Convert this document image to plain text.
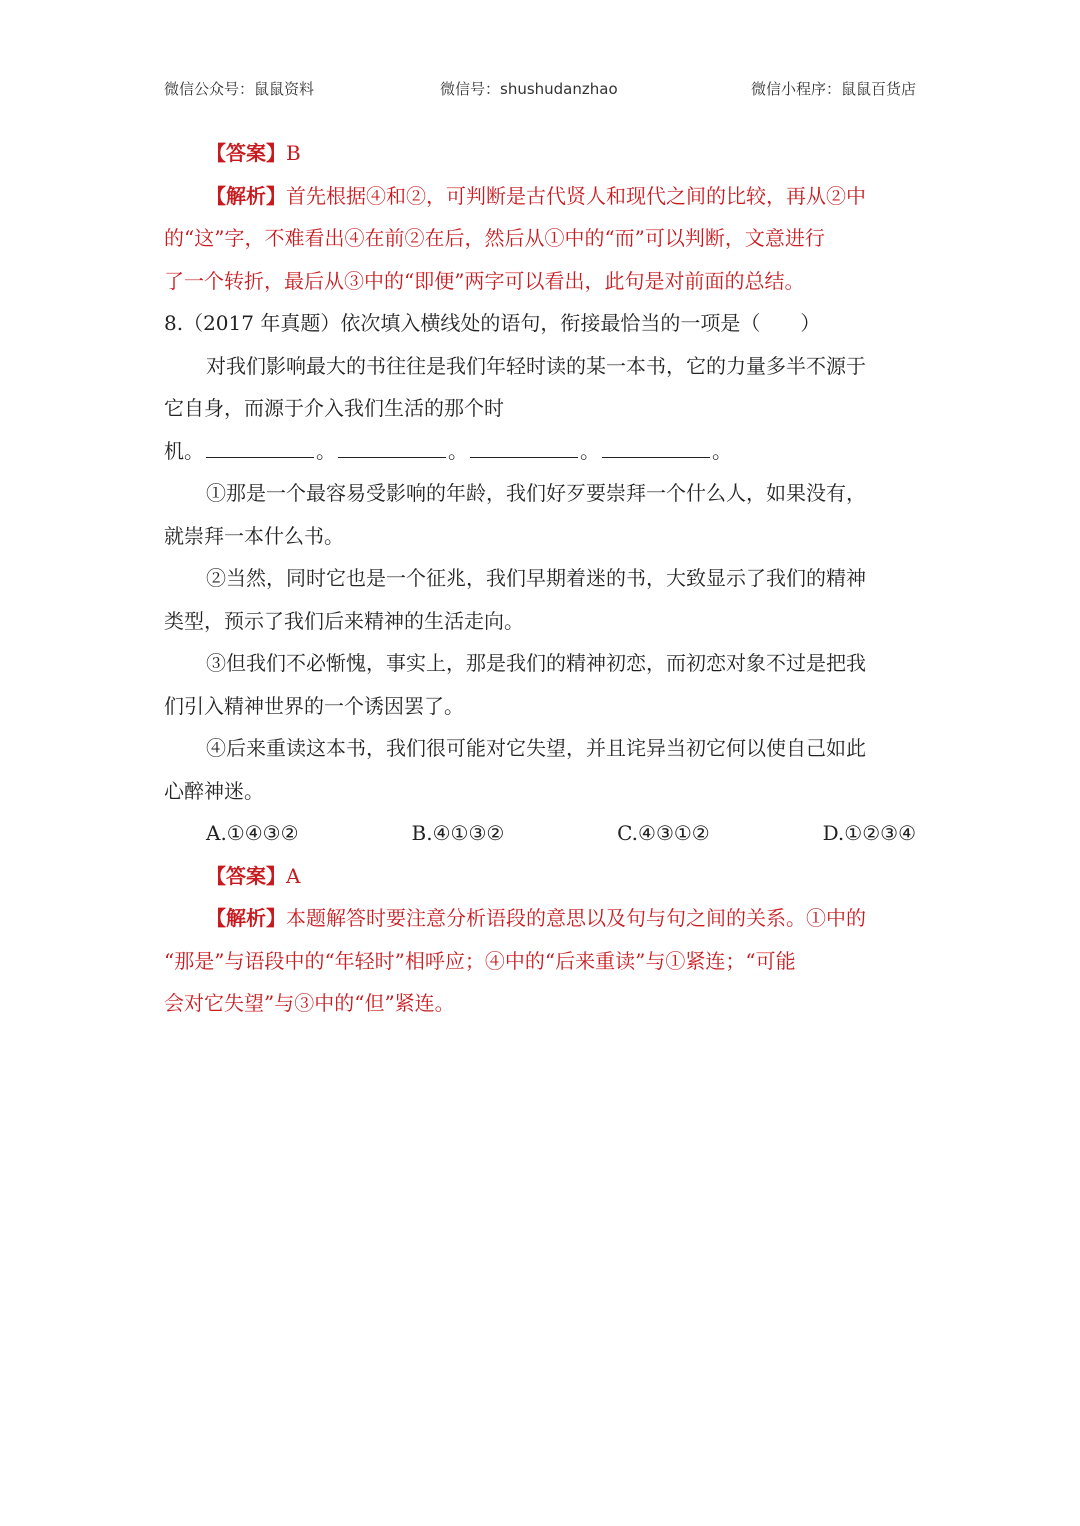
微信公众号：鼠鼠资料	微信号：shushudanzhao	微信小程序：鼠鼠百货店
【答案】B
【解析】首先根据④和②，可判断是古代贤人和现代之间的比较，再从②中
的“这”字，不难看出④在前②在后，然后从①中的“而”可以判断，文意进行
了一个转折，最后从③中的“即便”两字可以看出，此句是对前面的总结。
8.（2017 年真题）依次填入横线处的语句，衔接最恰当的一项是（　　）
对我们影响最大的书往往是我们年轻时读的某一本书，它的力量多半不源于
它自身，而源于介入我们生活的那个时
机。	。	。	。	。
①那是一个最容易受影响的年龄，我们好歹要崇拜一个什么人，如果没有，
就崇拜一本什么书。
②当然，同时它也是一个征兆，我们早期着迷的书，大致显示了我们的精神
类型，预示了我们后来精神的生活走向。
③但我们不必惭愧，事实上，那是我们的精神初恋，而初恋对象不过是把我
们引入精神世界的一个诱因罢了。
④后来重读这本书，我们很可能对它失望，并且诧异当初它何以使自己如此
心醉神迷。
A.①④③②	B.④①③②	C.④③①②	D.①②③④
【答案】A
【解析】本题解答时要注意分析语段的意思以及句与句之间的关系。①中的
“那是”与语段中的“年轻时”相呼应；④中的“后来重读”与①紧连；“可能
会对它失望”与③中的“但”紧连。
